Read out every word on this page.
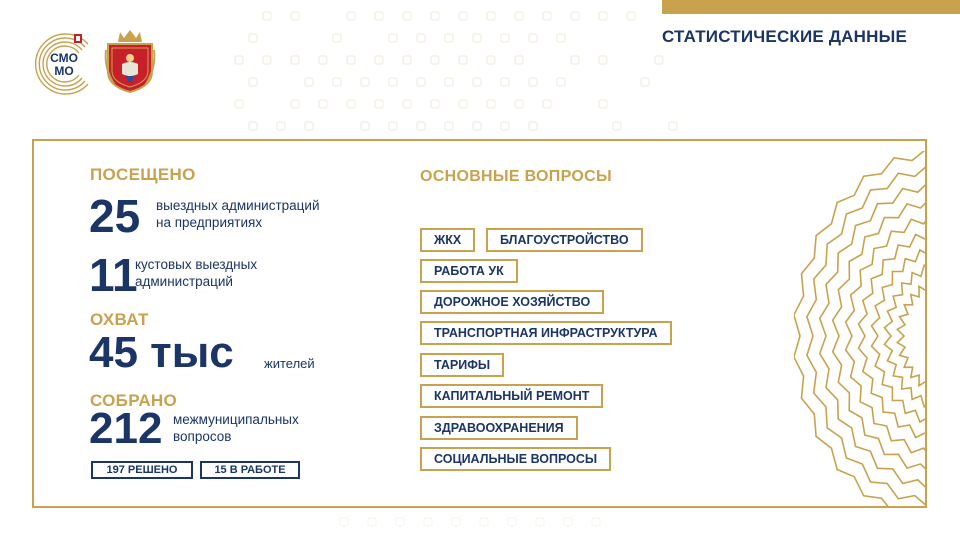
СТАТИСТИЧЕСКИЕ ДАННЫЕ
СМО
МО
ПОСЕЩЕНО
25 выездных администраций
на предприятиях
11
кустовых выездных
администраций
ОХВАТ
45 тыс жителей
СОБРАНО
212 межмуниципальных
вопросов
197 РЕШЕНО	15 В РАБОТЕ
ОСНОВНЫЕ ВОПРОСЫ
ЖКХ	БЛАГОУСТРОЙСТВО
РАБОТА УК
ДОРОЖНОЕ ХОЗЯЙСТВО
ТРАНСПОРТНАЯ ИНФРАСТРУКТУРА
ТАРИФЫ
КАПИТАЛЬНЫЙ РЕМОНТ
ЗДРАВООХРАНЕНИЯ
СОЦИАЛЬНЫЕ ВОПРОСЫ
